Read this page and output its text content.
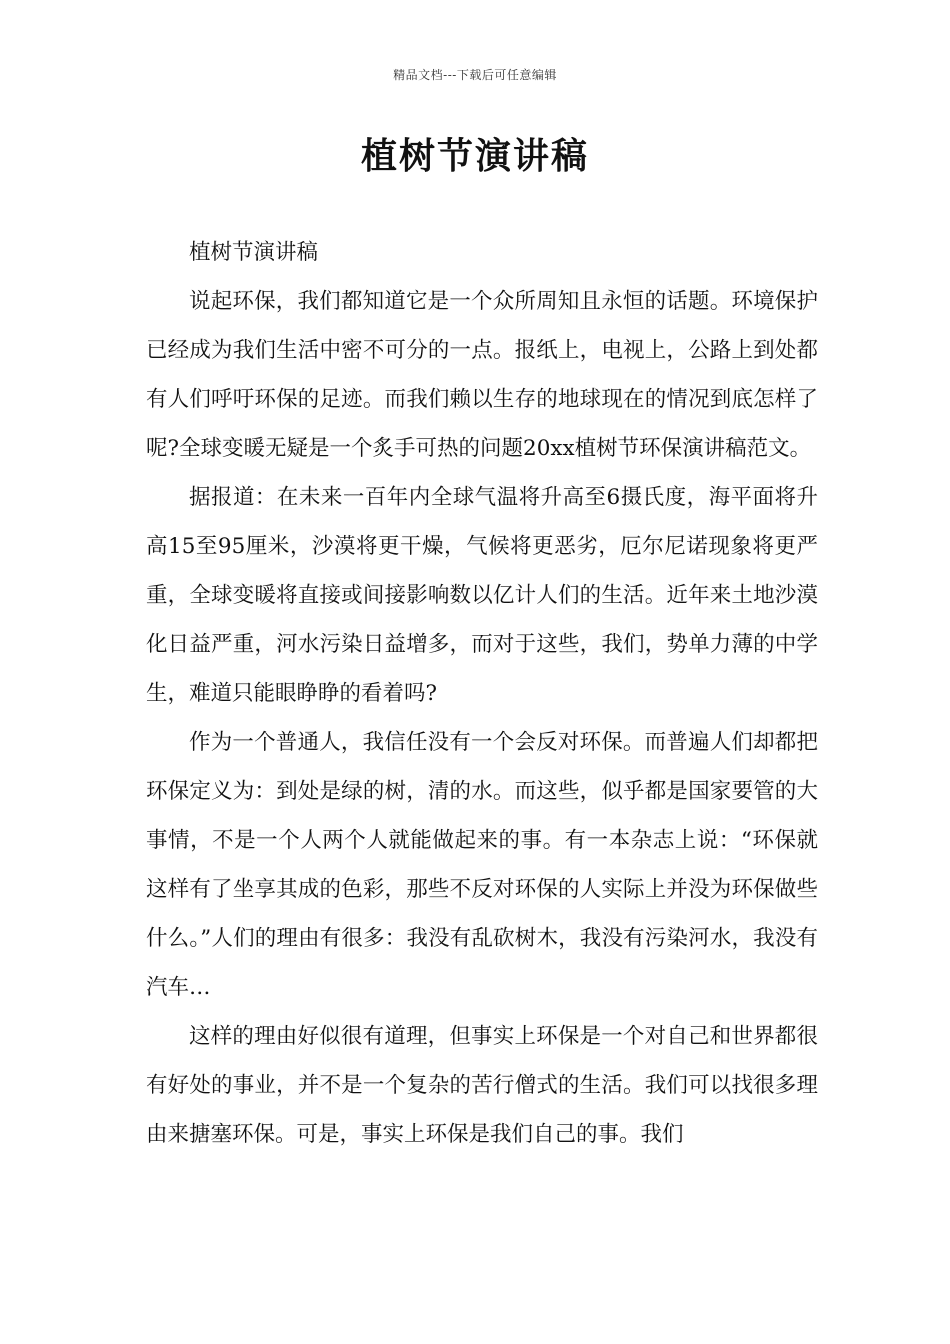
精品文档---下载后可任意编辑
植树节演讲稿

植树节演讲稿

说起环保，我们都知道它是一个众所周知且永恒的话题。环境保护已经成为我们生活中密不可分的一点。报纸上，电视上，公路上到处都有人们呼吁环保的足迹。而我们赖以生存的地球现在的情况到底怎样了呢?全球变暖无疑是一个炙手可热的问题20xx植树节环保演讲稿范文。

据报道：在未来一百年内全球气温将升高至6摄氏度，海平面将升高15至95厘米，沙漠将更干燥，气候将更恶劣，厄尔尼诺现象将更严重，全球变暖将直接或间接影响数以亿计人们的生活。近年来土地沙漠化日益严重，河水污染日益增多，而对于这些，我们，势单力薄的中学生，难道只能眼睁睁的看着吗?

作为一个普通人，我信任没有一个会反对环保。而普遍人们却都把环保定义为：到处是绿的树，清的水。而这些，似乎都是国家要管的大事情，不是一个人两个人就能做起来的事。有一本杂志上说：“环保就这样有了坐享其成的色彩，那些不反对环保的人实际上并没为环保做些什么。”人们的理由有很多：我没有乱砍树木，我没有污染河水，我没有汽车…

这样的理由好似很有道理，但事实上环保是一个对自己和世界都很有好处的事业，并不是一个复杂的苦行僧式的生活。我们可以找很多理由来搪塞环保。可是，事实上环保是我们自己的事。我们
